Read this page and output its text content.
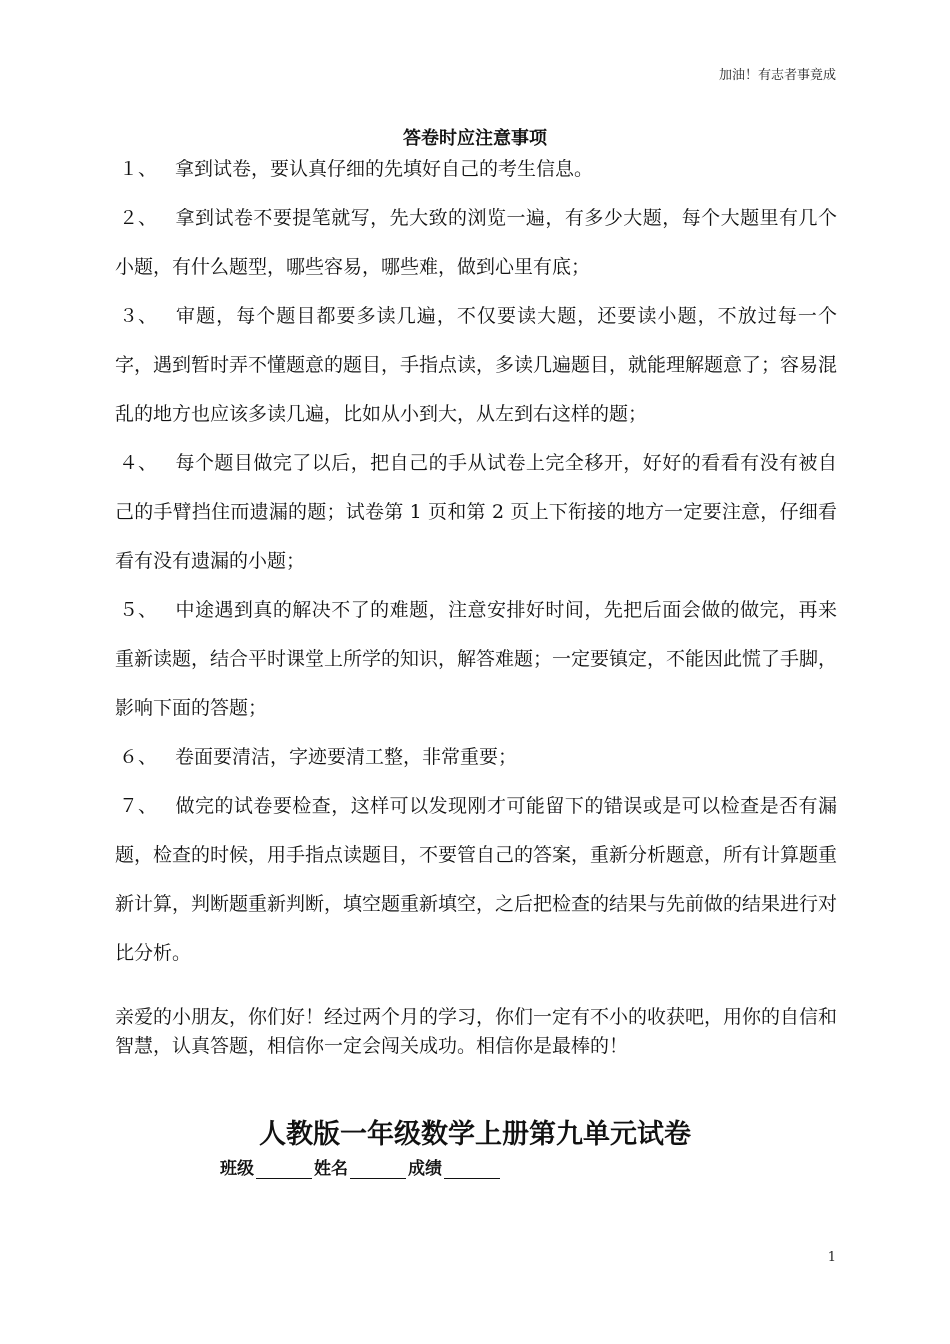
加油！有志者事竟成
答卷时应注意事项
１、 拿到试卷，要认真仔细的先填好自己的考生信息。
２、 拿到试卷不要提笔就写，先大致的浏览一遍，有多少大题，每个大题里有几个小题，有什么题型，哪些容易，哪些难，做到心里有底；
３、 审题，每个题目都要多读几遍，不仅要读大题，还要读小题，不放过每一个字，遇到暂时弄不懂题意的题目，手指点读，多读几遍题目，就能理解题意了；容易混乱的地方也应该多读几遍，比如从小到大，从左到右这样的题；
４、 每个题目做完了以后，把自己的手从试卷上完全移开，好好的看看有没有被自己的手臂挡住而遗漏的题；试卷第 1 页和第 2 页上下衔接的地方一定要注意，仔细看看有没有遗漏的小题；
５、 中途遇到真的解决不了的难题，注意安排好时间，先把后面会做的做完，再来重新读题，结合平时课堂上所学的知识，解答难题；一定要镇定，不能因此慌了手脚，影响下面的答题；
６、 卷面要清洁，字迹要清工整，非常重要；
７、 做完的试卷要检查，这样可以发现刚才可能留下的错误或是可以检查是否有漏题，检查的时候，用手指点读题目，不要管自己的答案，重新分析题意，所有计算题重新计算，判断题重新判断，填空题重新填空，之后把检查的结果与先前做的结果进行对比分析。
亲爱的小朋友，你们好！经过两个月的学习，你们一定有不小的收获吧，用你的自信和智慧，认真答题，相信你一定会闯关成功。相信你是最棒的！
人教版一年级数学上册第九单元试卷
班级	姓名	成绩
1
